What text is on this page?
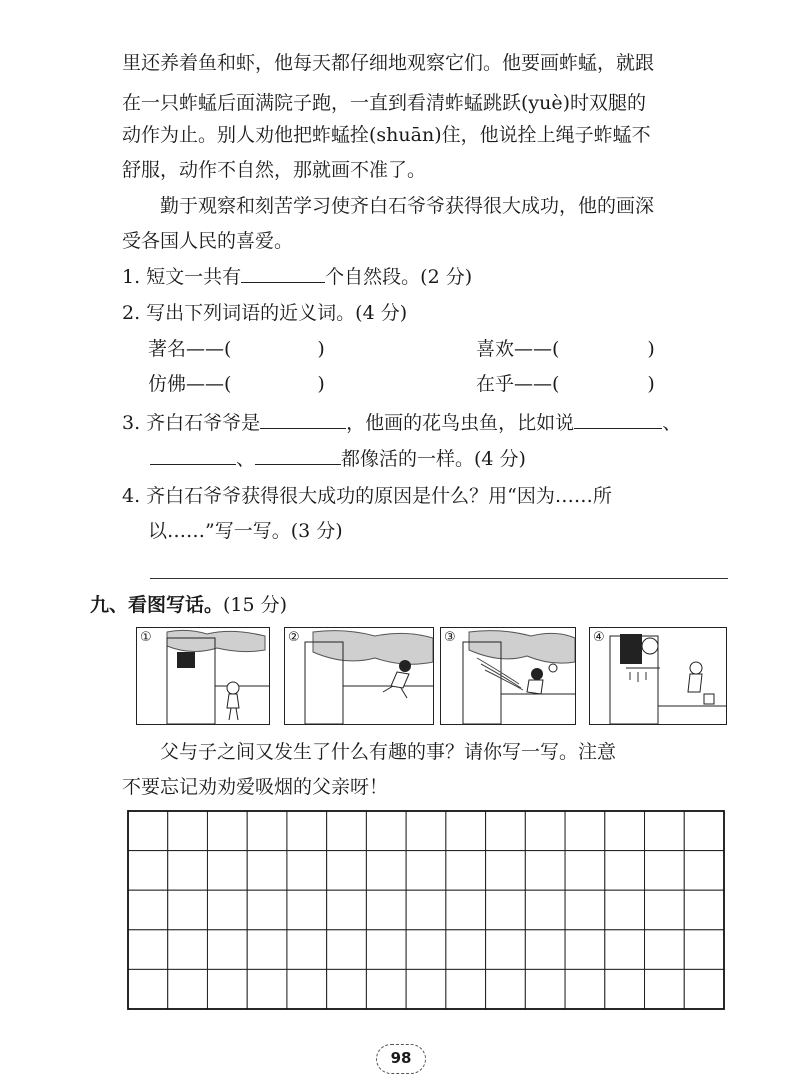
里还养着鱼和虾，他每天都仔细地观察它们。他要画蚱蜢，就跟
在一只蚱蜢后面满院子跑，一直到看清蚱蜢跳跃(yuè)时双腿的
动作为止。别人劝他把蚱蜢拴(shuān)住，他说拴上绳子蚱蜢不
舒服，动作不自然，那就画不准了。
勤于观察和刻苦学习使齐白石爷爷获得很大成功，他的画深
受各国人民的喜爱。
1. 短文一共有	个自然段。(2 分)
2. 写出下列词语的近义词。(4 分)
著名——(	)	喜欢——(	)
仿佛——(	)	在乎——(	)
3. 齐白石爷爷是	，他画的花鸟虫鱼，比如说	、
、	都像活的一样。(4 分)
4. 齐白石爷爷获得很大成功的原因是什么？用“因为……所
以……”写一写。(3 分)
九、看图写话。(15 分)
①	②	③	④
父与子之间又发生了什么有趣的事？请你写一写。注意
不要忘记劝劝爱吸烟的父亲呀！
98
